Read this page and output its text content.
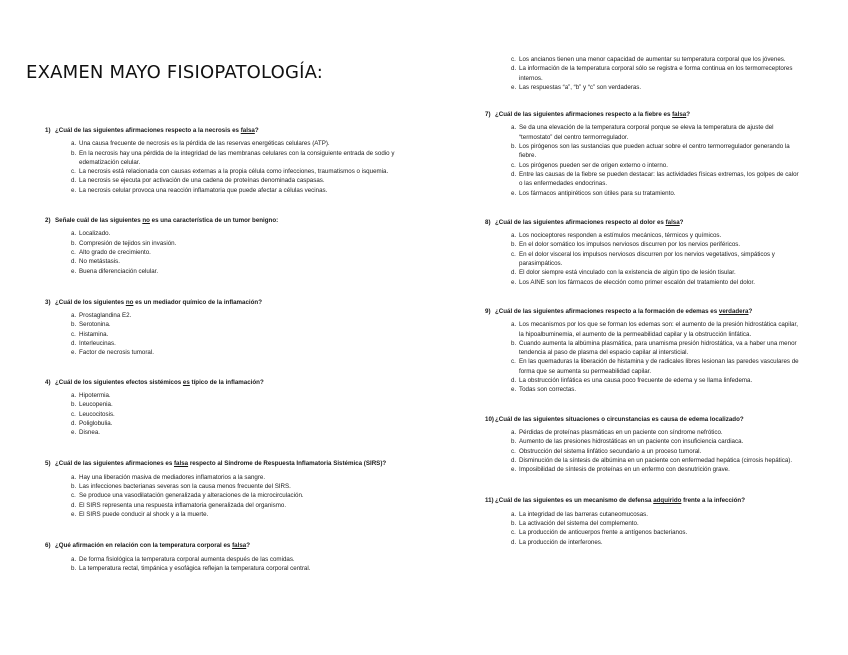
EXAMEN MAYO FISIOPATOLOGÍA:

1) ¿Cuál de las siguientes afirmaciones respecto a la necrosis es falsa?

a. Una causa frecuente de necrosis es la pérdida de las reservas energéticas celulares (ATP).
b. En la necrosis hay una pérdida de la integridad de las membranas celulares con la consiguiente entrada de sodio y edematización celular.
c. La necrosis está relacionada con causas externas a la propia célula como infecciones, traumatismos o isquemia.
d. La necrosis se ejecuta por activación de una cadena de proteínas denominada caspasas.
e. La necrosis celular provoca una reacción inflamatoria que puede afectar a células vecinas.

2) Señale cuál de las siguientes no es una característica de un tumor benigno:

a. Localizado.
b. Compresión de tejidos sin invasión.
c. Alto grado de crecimiento.
d. No metástasis.
e. Buena diferenciación celular.

3) ¿Cuál de los siguientes no es un mediador químico de la inflamación?

a. Prostaglandina E2.
b. Serotonina.
c. Histamina.
d. Interleucinas.
e. Factor de necrosis tumoral.

4) ¿Cuál de los siguientes efectos sistémicos es típico de la inflamación?

a. Hipotermia.
b. Leucopenia.
c. Leucocitosis.
d. Poliglobulia.
e. Disnea.

5) ¿Cuál de las siguientes afirmaciones es falsa respecto al Síndrome de Respuesta Inflamatoria Sistémica (SIRS)?

a. Hay una liberación masiva de mediadores inflamatorios a la sangre.
b. Las infecciones bacterianas severas son la causa menos frecuente del SIRS.
c. Se produce una vasodilatación generalizada y alteraciones de la microcirculación.
d. El SIRS representa una respuesta inflamatoria generalizada del organismo.
e. El SIRS puede conducir al shock y a la muerte.

6) ¿Qué afirmación en relación con la temperatura corporal es falsa?

a. De forma fisiológica la temperatura corporal aumenta después de las comidas.
b. La temperatura rectal, timpánica y esofágica reflejan la temperatura corporal central.
c. Los ancianos tienen una menor capacidad de aumentar su temperatura corporal que los jóvenes.
d. La información de la temperatura corporal sólo se registra e forma continua en los termorreceptores internos.
e. Las respuestas “a”, “b” y “c” son verdaderas.

7) ¿Cuál de las siguientes afirmaciones respecto a la fiebre es falsa?

a. Se da una elevación de la temperatura corporal porque se eleva la temperatura de ajuste del “termostato” del centro termorregulador.
b. Los pirógenos son las sustancias que pueden actuar sobre el centro termorregulador generando la fiebre.
c. Los pirógenos pueden ser de origen externo o interno.
d. Entre las causas de la fiebre se pueden destacar: las actividades físicas extremas, los golpes de calor o las enfermedades endocrinas.
e. Los fármacos antipiréticos son útiles para su tratamiento.

8) ¿Cuál de las siguientes afirmaciones respecto al dolor es falsa?

a. Los nociceptores responden a estímulos mecánicos, térmicos y químicos.
b. En el dolor somático los impulsos nerviosos discurren por los nervios periféricos.
c. En el dolor visceral los impulsos nerviosos discurren por los nervios vegetativos, simpáticos y parasimpáticos.
d. El dolor siempre está vinculado con la existencia de algún tipo de lesión tisular.
e. Los AINE son los fármacos de elección como primer escalón del tratamiento del dolor.

9) ¿Cuál de las siguientes afirmaciones respecto a la formación de edemas es verdadera?

a. Los mecanismos por los que se forman los edemas son: el aumento de la presión hidrostática capilar, la hipoalbuminemia, el aumento de la permeabilidad capilar y la obstrucción linfática.
b. Cuando aumenta la albúmina plasmática, para unamisma presión hidrostática, va a haber una menor tendencia al paso de plasma del espacio capilar al intersticial.
c. En las quemaduras la liberación de histamina y de radicales libres lesionan las paredes vasculares de forma que se aumenta su permeabilidad capilar.
d. La obstrucción linfática es una causa poco frecuente de edema y se llama linfedema.
e. Todas son correctas.

10) ¿Cuál de las siguientes situaciones o circunstancias es causa de edema localizado?

a. Pérdidas de proteínas plasmáticas en un paciente con síndrome nefrótico.
b. Aumento de las presiones hidrostáticas en un paciente con insuficiencia cardiaca.
c. Obstrucción del sistema linfático secundario a un proceso tumoral.
d. Disminución de la síntesis de albúmina en un paciente con enfermedad hepática (cirrosis hepática).
e. Imposibilidad de síntesis de proteínas en un enfermo con desnutrición grave.

11) ¿Cuál de las siguientes es un mecanismo de defensa adquirido frente a la infección?

a. La integridad de las barreras cutaneomucosas.
b. La activación del sistema del complemento.
c. La producción de anticuerpos frente a antígenos bacterianos.
d. La producción de interferones.
